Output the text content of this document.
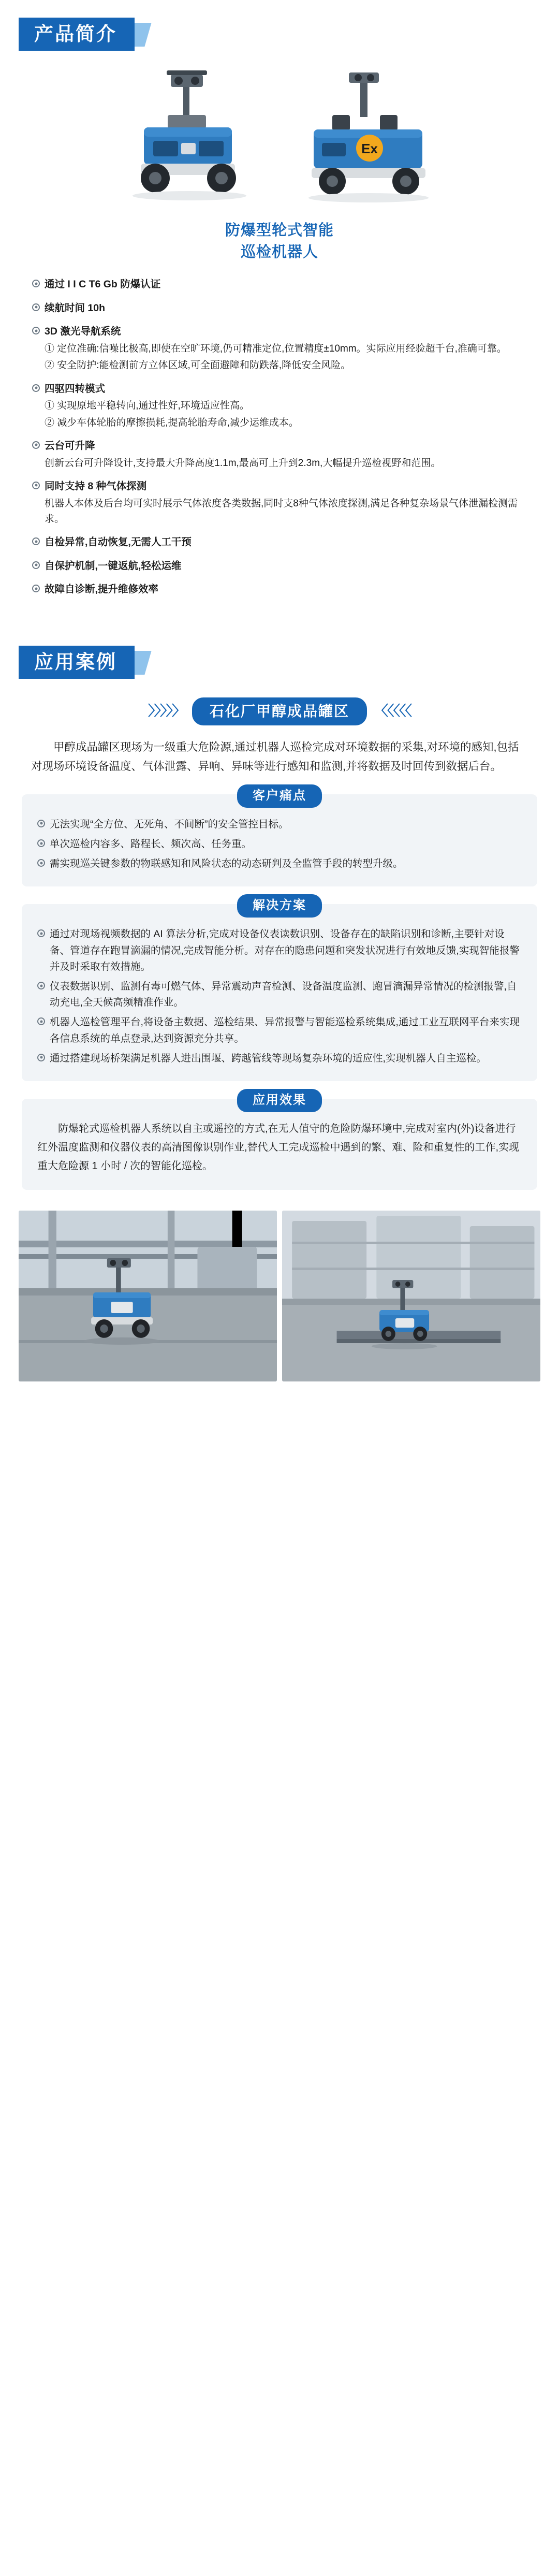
产品简介
Ex
防爆型轮式智能
巡检机器人
通过 I I C T6 Gb 防爆认证
续航时间 10h
3D 激光导航系统
① 定位准确:信噪比极高,即使在空旷环境,仍可精准定位,位置精度±10mm。实际应用经验超千台,准确可靠。
② 安全防护:能检测前方立体区域,可全面避障和防跌落,降低安全风险。
四驱四转模式
① 实现原地平稳转向,通过性好,环境适应性高。
② 减少车体轮胎的摩擦损耗,提⾼轮胎寿命,减少运维成本。
云台可升降
创新云台可升降设计,支持最大升降高度1.1m,最高可上升到2.3m,大幅提升巡检视野和范围。
同时支持 8 种气体探测
机器人本体及后台均可实时展示气体浓度各类数据,同时支8种气体浓度探测,满足各种复杂场景气体泄漏检测需求。
自检异常,自动恢复,无需人工干预
自保护机制,一键返航,轻松运维
故障自诊断,提升维修效率
应用案例
〉〉〉〉〉	石化厂甲醇成品罐区	〈〈〈〈〈
甲醇成品罐区现场为一级重大危险源,通过机器人巡检完成对环境数据的采集,对环境的感知,包括对现场环境设备温度、气体泄露、异响、异味等进行感知和监测,并将数据及时回传到数据后台。
客户痛点
无法实现“全方位、无死角、不间断”的安全管控目标。
单次巡检内容多、路程长、频次高、任务重。
需实现巡关键参数的物联感知和风险状态的动态研判及全监管手段的转型升级。
解决方案
通过对现场视频数据的 AI 算法分析,完成对设备仪表读数识别、设备存在的缺陷识别和诊断,主要针对设备、管道存在跑冒滴漏的情况,完成智能分析。对存在的隐患问题和突发状况进行有效地反馈,实现智能报警并及时采取有效措施。
仪表数据识别、监测有毒可燃气体、异常震动声音检测、设备温度监测、跑冒滴漏异常情况的检测报警,自动充电,全天候高频精准作业。
机器人巡检管理平台,将设备主数据、巡检结果、异常报警与智能巡检系统集成,通过工业互联网平台来实现各信息系统的单点登录,达到资源充分共享。
通过搭建现场桥架满足机器人进出围堰、跨越管线等现场复杂环境的适应性,实现机器人自主巡检。
应用效果
防爆轮式巡检机器人系统以自主或遥控的方式,在无人值守的危险防爆环境中,完成对室内(外)设备进行红外温度监测和仪器仪表的高清图像识别作业,替代人工完成巡检中遇到的繁、难、险和重复性的工作,实现重大危险源 1 小时 / 次的智能化巡检。
